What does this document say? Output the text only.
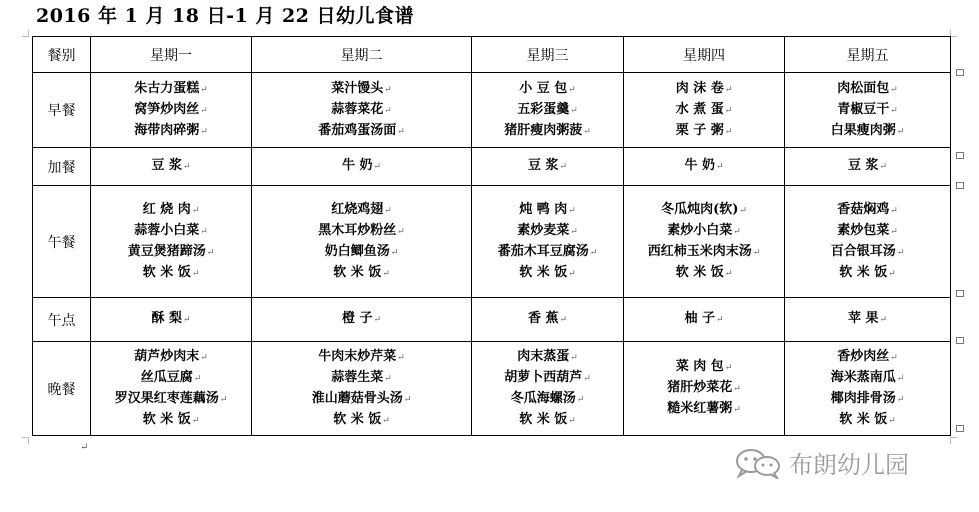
2016 年 1 月 18 日-1 月 22 日幼儿食谱
餐别	星期一	星期二	星期三	星期四	星期五
早餐	朱古力蛋糕↵
窝笋炒肉丝↵
海带肉碎粥↵	菜汁馒头↵
蒜蓉菜花↵
番茄鸡蛋汤面↵	小 豆 包↵
五彩蛋羹↵
猪肝瘦肉粥菠↵	肉 沫 卷↵
水 煮 蛋↵
栗 子 粥↵	肉松面包↵
青椒豆干↵
白果瘦肉粥↵

加餐	豆 浆↵	牛 奶↵	豆 浆↵	牛 奶↵	豆 浆↵

午餐	红 烧 肉↵
蒜蓉小白菜↵
黄豆煲猪蹄汤↵
软 米 饭↵	红烧鸡翅↵
黑木耳炒粉丝↵
奶白鲫鱼汤↵
软 米 饭↵	炖 鸭 肉↵
素炒麦菜↵
番茄木耳豆腐汤↵
软 米 饭↵	冬瓜炖肉(软)↵
素炒小白菜↵
西红柿玉米肉末汤↵
软 米 饭↵	香菇焖鸡↵
素炒包菜↵
百合银耳汤↵
软 米 饭↵

午点	酥 梨↵	橙 子↵	香 蕉↵	柚 子↵	苹 果↵

晚餐	葫芦炒肉末↵
丝瓜豆腐↵
罗汉果红枣莲藕汤↵
软 米 饭↵	牛肉末炒芹菜↵
蒜蓉生菜↵
淮山蘑菇骨头汤↵
软 米 饭↵	肉末蒸蛋↵
胡萝卜西葫芦↵
冬瓜海螺汤↵
软 米 饭↵	菜 肉 包↵
猪肝炒菜花↵
糙米红薯粥↵	香炒肉丝↵
海米蒸南瓜↵
椰肉排骨汤↵
软 米 饭↵
↵
布朗幼儿园
